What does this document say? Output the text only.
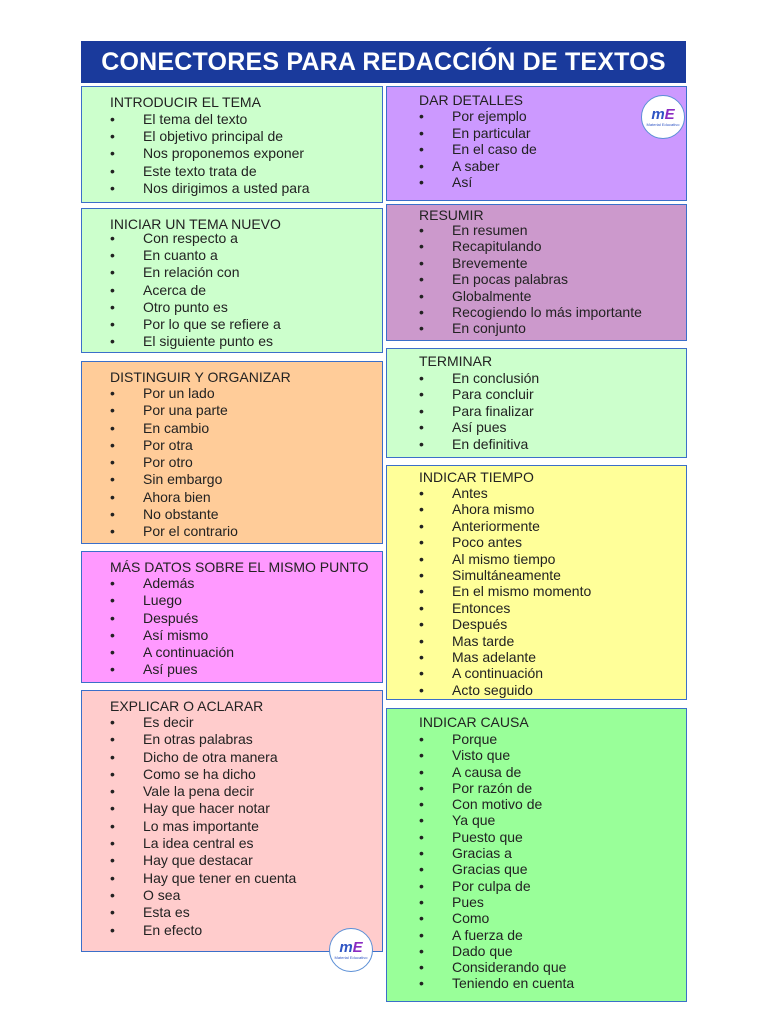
CONECTORES PARA REDACCIÓN DE TEXTOS
INTRODUCIR EL TEMA
• El tema del texto
• El objetivo principal de
• Nos proponemos exponer
• Este texto trata de
• Nos dirigimos a usted para
INICIAR UN TEMA NUEVO
• Con respecto a
• En cuanto a
• En relación con
• Acerca de
• Otro punto es
• Por lo que se refiere a
• El siguiente punto es
DISTINGUIR Y ORGANIZAR
• Por un lado
• Por una parte
• En cambio
• Por otra
• Por otro
• Sin embargo
• Ahora bien
• No obstante
• Por el contrario
MÁS DATOS SOBRE EL MISMO PUNTO
• Además
• Luego
• Después
• Así mismo
• A continuación
• Así pues
EXPLICAR O ACLARAR
• Es decir
• En otras palabras
• Dicho de otra manera
• Como se ha dicho
• Vale la pena decir
• Hay que hacer notar
• Lo mas importante
• La idea central es
• Hay que destacar
• Hay que tener en cuenta
• O sea
• Esta es
• En efecto
mE
Material Educativo
DAR DETALLES
• Por ejemplo
• En particular
• En el caso de
• A saber
• Así
mE
Material Educativo
RESUMIR
• En resumen
• Recapitulando
• Brevemente
• En pocas palabras
• Globalmente
• Recogiendo lo más importante
• En conjunto
TERMINAR
• En conclusión
• Para concluir
• Para finalizar
• Así pues
• En definitiva
INDICAR TIEMPO
• Antes
• Ahora mismo
• Anteriormente
• Poco antes
• Al mismo tiempo
• Simultáneamente
• En el mismo momento
• Entonces
• Después
• Mas tarde
• Mas adelante
• A continuación
• Acto seguido
INDICAR CAUSA
• Porque
• Visto que
• A causa de
• Por razón de
• Con motivo de
• Ya que
• Puesto que
• Gracias a
• Gracias que
• Por culpa de
• Pues
• Como
• A fuerza de
• Dado que
• Considerando que
• Teniendo en cuenta
